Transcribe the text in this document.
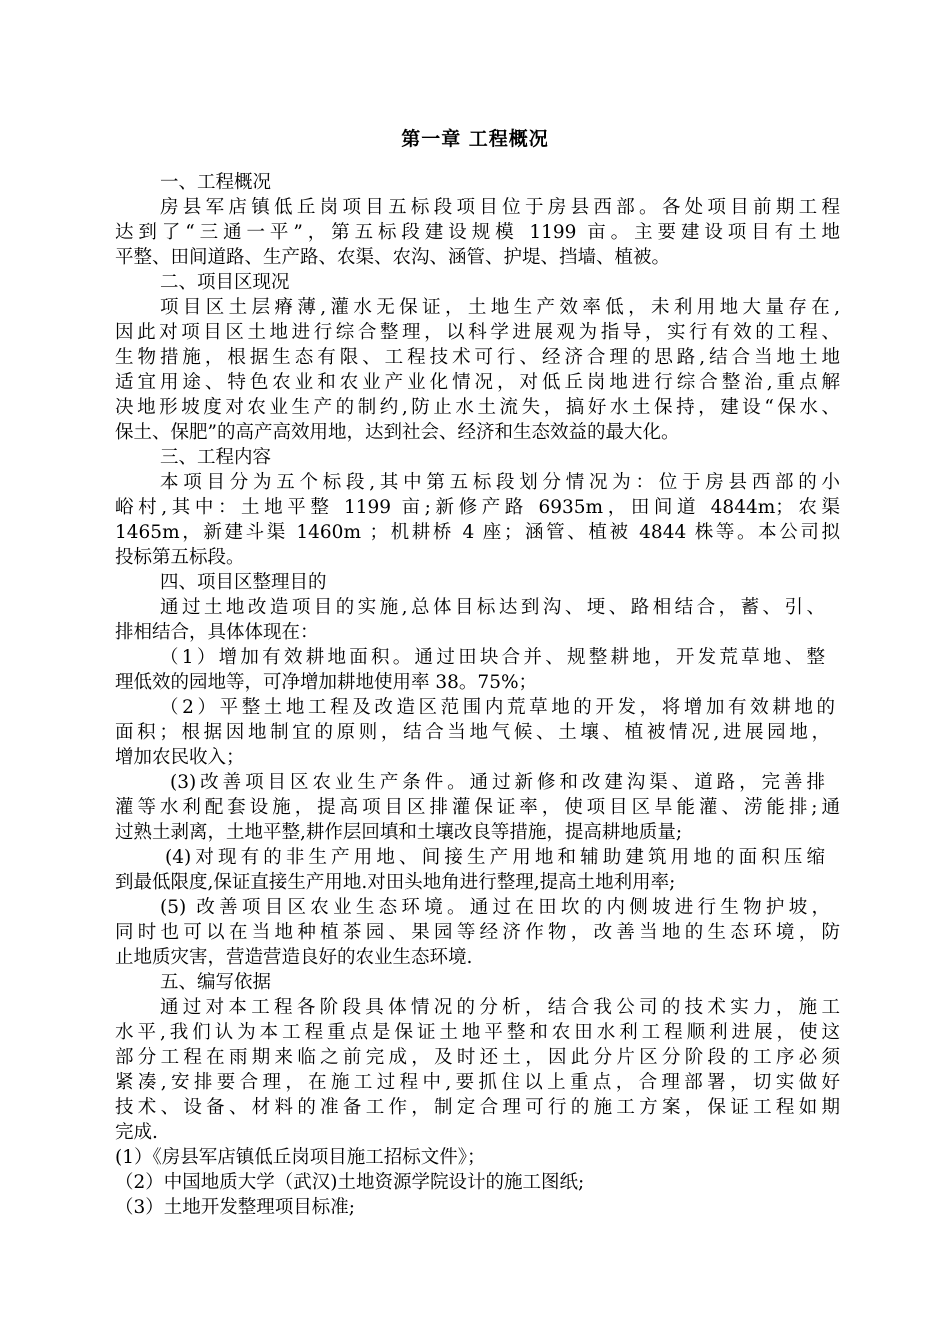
第一章 工程概况
一、工程概况
房县军店镇低丘岗项目五标段项目位于房县西部。各处项目前期工程
达到了“三通一平”，第五标段建设规模 1199 亩。主要建设项目有土地
平整、田间道路、生产路、农渠、农沟、涵管、护堤、挡墙、植被。
二、项目区现况
项目区土层瘠薄,灌水无保证，土地生产效率低，未利用地大量存在,
因此对项目区土地进行综合整理，以科学进展观为指导，实行有效的工程、
生物措施，根据生态有限、工程技术可行、经济合理的思路,结合当地土地
适宜用途、特色农业和农业产业化情况，对低丘岗地进行综合整治,重点解
决地形坡度对农业生产的制约,防止水土流失，搞好水土保持，建设“保水、
保土、保肥”的高产高效用地，达到社会、经济和生态效益的最大化。
三、工程内容
本项目分为五个标段,其中第五标段划分情况为：位于房县西部的小
峪村,其中：土地平整 1199 亩;新修产路 6935m，田间道 4844m；农渠
1465m，新建斗渠 1460m ；机耕桥 4 座；涵管、植被 4844 株等。本公司拟
投标第五标段。
四、项目区整理目的
通过土地改造项目的实施,总体目标达到沟、埂、路相结合，蓄、引、
排相结合，具体体现在：
（1）增加有效耕地面积。通过田块合并、规整耕地，开发荒草地、整
理低效的园地等，可净增加耕地使用率 38。75%；
（2）平整土地工程及改造区范围内荒草地的开发，将增加有效耕地的
面积；根据因地制宜的原则，结合当地气候、土壤、植被情况,进展园地，
增加农民收入；
(3)改善项目区农业生产条件。通过新修和改建沟渠、道路，完善排
灌等水利配套设施，提高项目区排灌保证率，使项目区旱能灌、涝能排;通
过熟土剥离，土地平整,耕作层回填和土壤改良等措施，提高耕地质量;
(4)对现有的非生产用地、间接生产用地和辅助建筑用地的面积压缩
到最低限度,保证直接生产用地.对田头地角进行整理,提高土地利用率;
(5) 改善项目区农业生态环境。通过在田坎的内侧坡进行生物护坡，
同时也可以在当地种植茶园、果园等经济作物，改善当地的生态环境，防
止地质灾害，营造营造良好的农业生态环境.
五、编写依据
通过对本工程各阶段具体情况的分析，结合我公司的技术实力，施工
水平,我们认为本工程重点是保证土地平整和农田水利工程顺利进展，使这
部分工程在雨期来临之前完成，及时还土，因此分片区分阶段的工序必须
紧凑,安排要合理，在施工过程中,要抓住以上重点，合理部署，切实做好
技术、设备、材料的准备工作，制定合理可行的施工方案，保证工程如期
完成.
(1）《房县军店镇低丘岗项目施工招标文件》；
（2）中国地质大学（武汉)土地资源学院设计的施工图纸;
（3）土地开发整理项目标准;
